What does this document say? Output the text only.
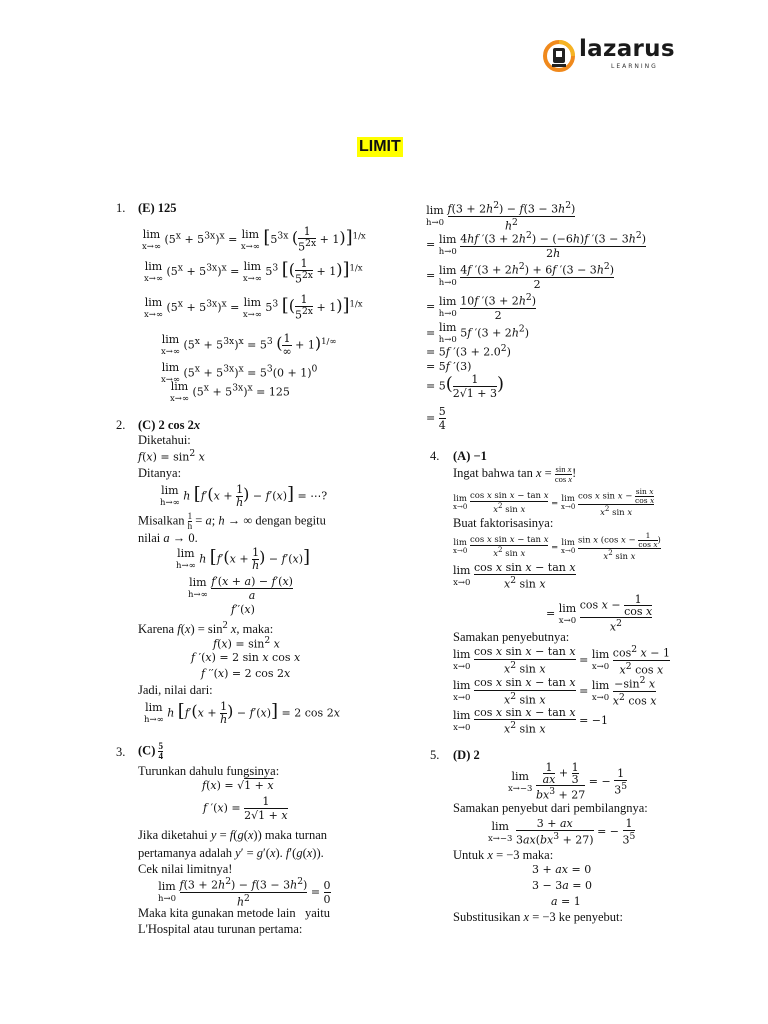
lazarus
LEARNING
LIMIT
1. (E) 125
lim
x→∞ $(5^x + 5^{3x})^x = \lim$
x→∞ [$5^{3x}$ ( 1
$5^{2x} + 1)]^{1/x}$
lim
x→∞ $(5^x + 5^{3x})^x = \lim$
x→∞ $5^3$ [( 1
$5^{2x} + 1)]^{1/x}$
lim
x→∞ $(5^x + 5^{3x})^x = \lim$
x→∞ $5^3$ [( 1
$5^{2x} + 1)]^{1/x}$
lim
x→∞ $(5^x + 5^{3x})^x = 5^3$ ( 1
∞ + 1)$^{1/\infty}$
lim
x→∞ $(5^x + 5^{3x})^x = 5^3(0 + 1)^0$
lim
x→∞ $(5^x + 5^{3x})^x = 125$
2. (C) 2 cos 2x
Diketahui:
$f(x) = \sin^2 x$
Ditanya:
lim
h→∞ h $[f'(x + \frac{1}{h}) - f'(x)]$ = ⋯?
Misalkan 1
h = a; h → ∞ dengan begitu
nilai a → 0.
lim
h→∞ h $[f'(x + \frac{1}{h}) - f'(x)]$
lim
$h\to\infty \frac{f'(x + a) - f'(x)}{a}$
f′′(x)
Karena $f(x) = \sin^2 x$, maka:
$f(x) = \sin^2 x$
f ′(x) = 2 sin x cos x
f ′′(x) = 2 cos 2x
Jadi, nilai dari:
lim
h→∞ h $[f'(x + \frac{1}{h}) - f'(x)] = 2$ cos 2x
3. (C) 5
4
Turunkan dahulu fungsinya:
f(x) = √1 + x
f ′(x) =
1
2√1 + x
Jika diketahui y = f(g(x)) maka turnan
pertamanya adalah y′ = g′(x). f′(g(x)).
Cek nilai limitnya!
lim
h→0
$f(3 + 2h^2) - f(3 - 3h^2)$
$h^2$	=
0
0
Maka kita gunakan metode lain   yaitu
L'Hospital atau turunan pertama:
lim
h→0
$f(3 + 2h^2) - f(3 - 3h^2)$
$h^2$
= lim
h→0
4hf $'(3 + 2h^2) - (-6h)f$ $'(3 - 3h^2)$
2h
= lim
h→0
4f $'(3 + 2h^2) + 6f$ $'(3 - 3h^2)$
2
= lim
h→0
10f $'(3 + 2h^2)$
2
= lim
h→0 5f $'(3 + 2h^2)$
= 5f $'(3 + 2.0^2)$
= 5f ′(3)
= 5(	1
2√1 + 3)
=
5
4
4. (A) −1
Ingat bahwa tan x = sin x
cos x!
lim
x→0
cos x sin x − tan x
$x^2$ sin x = lim
x→0
cos x sin x − sin x
cos x
$x^2$ sin x
Buat faktorisasinya:
lim
x→0
cos x sin x − tan x
$x^2$ sin x = lim
x→0
sin x (cos x − 1
cos x)
$x^2$ sin x
lim
x→0
cos x sin x − tan x
$x^2$ sin x
= lim
x→0
cos x − 1
cos x
$x^2$
Samakan penyebutnya:
lim
x→0
cos x sin x − tan x
$x^2$ sin x = lim
x→0
$\cos^2 x - 1$
$x^2$ cos x
lim
x→0
cos x sin x − tan x
$x^2$ sin x = lim
x→0
$-\sin^2$ x
$x^2$ cos x
lim
x→0
cos x sin x − tan x
$x^2$ sin x = −1
5. (D) 2
lim
x→−3
$\frac{1}{ax} + 1$
3
$bx^3 + 27$ = −
1
$3^5$
Samakan penyebut dari pembilangnya:
lim
x→−3
3 + ax
$3ax(bx^3 + 27)$ = −
1
$3^5$
Untuk x = −3 maka:
3 + ax = 0
3 − 3a = 0
a = 1
Substitusikan x = −3 ke penyebut:
